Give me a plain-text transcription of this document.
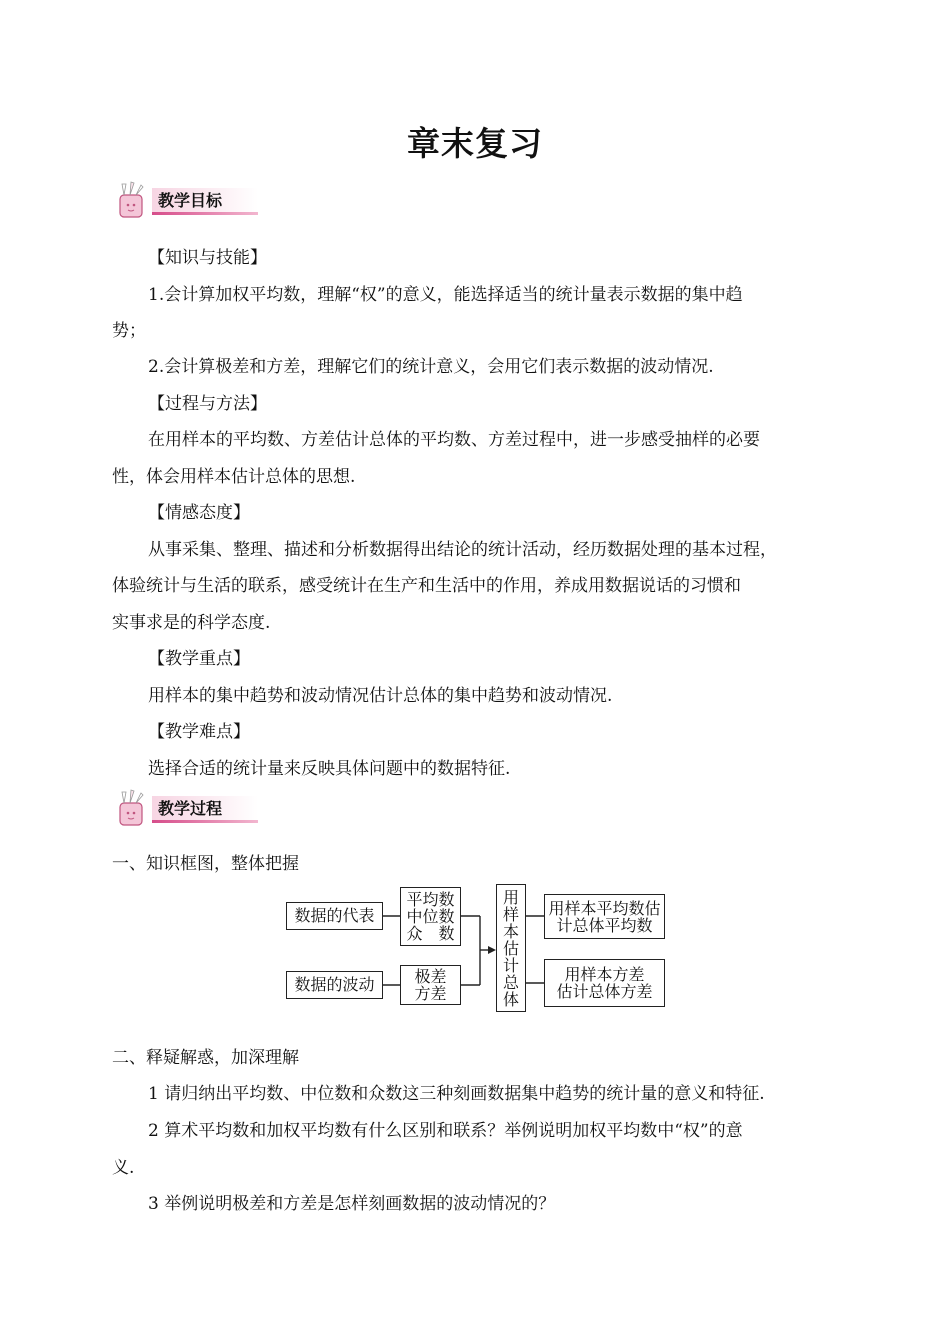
章末复习
教学目标
【知识与技能】
1.会计算加权平均数，理解“权”的意义，能选择适当的统计量表示数据的集中趋
势；
2.会计算极差和方差，理解它们的统计意义，会用它们表示数据的波动情况.
【过程与方法】
在用样本的平均数、方差估计总体的平均数、方差过程中，进一步感受抽样的必要
性，体会用样本估计总体的思想.
【情感态度】
从事采集、整理、描述和分析数据得出结论的统计活动，经历数据处理的基本过程，
体验统计与生活的联系，感受统计在生产和生活中的作用，养成用数据说话的习惯和
实事求是的科学态度.
【教学重点】
用样本的集中趋势和波动情况估计总体的集中趋势和波动情况.
【教学难点】
选择合适的统计量来反映具体问题中的数据特征.
教学过程
一、知识框图，整体把握
数据的代表
平均数
中位数
众　数
数据的波动	极差
方差
用
样
本
估
计
总
体
用样本平均数估
计总体平均数
用样本方差
估计总体方差
二、释疑解惑，加深理解
1 请归纳出平均数、中位数和众数这三种刻画数据集中趋势的统计量的意义和特征.
2 算术平均数和加权平均数有什么区别和联系？举例说明加权平均数中“权”的意
义.
3 举例说明极差和方差是怎样刻画数据的波动情况的？
